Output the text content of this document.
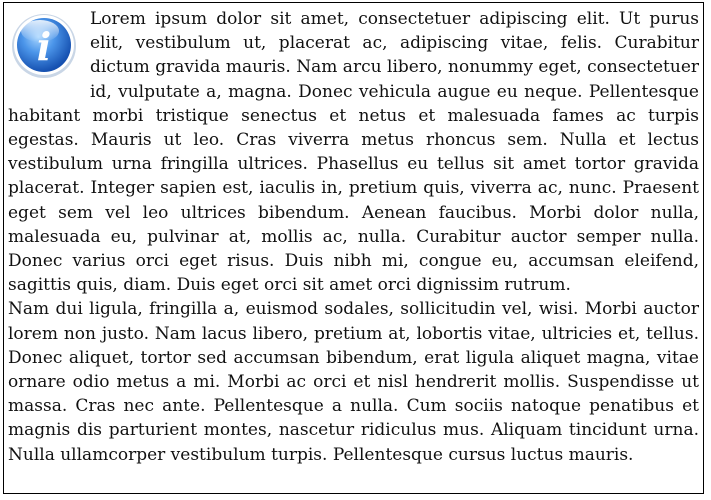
i

Lorem ipsum dolor sit amet, consectetuer adipiscing elit. Ut purus elit, vestibulum ut, placerat ac, adipiscing vitae, felis. Curabitur dictum gravida mauris. Nam arcu libero, nonummy eget, consectetuer id, vulputate a, magna. Donec vehicula augue eu neque. Pellentesque habitant morbi tristique senectus et netus et malesuada fames ac turpis egestas. Mauris ut leo. Cras viverra metus rhoncus sem. Nulla et lectus vestibulum urna fringilla ultrices. Phasellus eu tellus sit amet tortor gravida placerat. Integer sapien est, iaculis in, pretium quis, viverra ac, nunc. Praesent eget sem vel leo ultrices bibendum. Aenean faucibus. Morbi dolor nulla, malesuada eu, pulvinar at, mollis ac, nulla. Curabitur auctor semper nulla. Donec varius orci eget risus. Duis nibh mi, congue eu, accumsan eleifend, sagittis quis, diam. Duis eget orci sit amet orci dignissim rutrum.

Nam dui ligula, fringilla a, euismod sodales, sollicitudin vel, wisi. Morbi auctor lorem non justo. Nam lacus libero, pretium at, lobortis vitae, ultricies et, tellus. Donec aliquet, tortor sed accumsan bibendum, erat ligula aliquet magna, vitae ornare odio metus a mi. Morbi ac orci et nisl hendrerit mollis. Suspendisse ut massa. Cras nec ante. Pellentesque a nulla. Cum sociis natoque penatibus et magnis dis parturient montes, nascetur ridiculus mus. Aliquam tincidunt urna. Nulla ullamcorper vestibulum turpis. Pellentesque cursus luctus mauris.
